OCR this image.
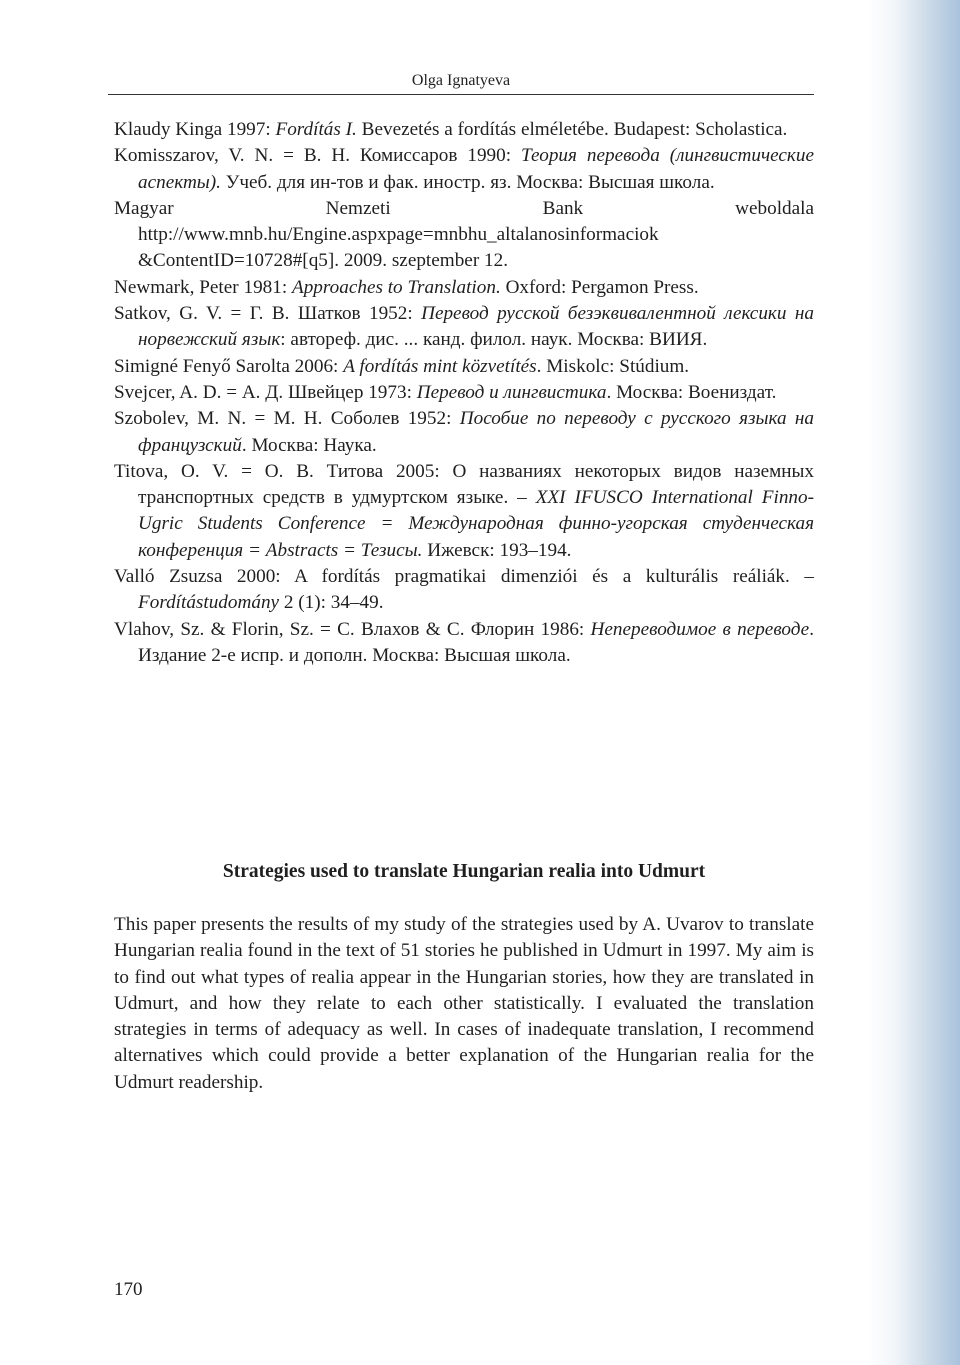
Olga Ignatyeva

Klaudy Kinga 1997: Fordítás I. Bevezetés a fordítás elméletébe. Budapest: Scholastica.

Komisszarov, V. N. = В. Н. Комиссаров 1990: Теория перевода (лингвистические аспекты). Учеб. для ин-тов и фак. иностр. яз. Москва: Высшая школа.

Magyar Nemzeti Bank weboldala http://www.mnb.hu/Engine.aspxpage=mnbhu_altalanosinformaciok &ContentID=10728#[q5]. 2009. szeptember 12.

Newmark, Peter 1981: Approaches to Translation. Oxford: Pergamon Press.

Satkov, G. V. = Г. В. Шатков 1952: Перевод русской безэквивалентной лексики на норвежский язык: автореф. дис. ... канд. филол. наук. Москва: ВИИЯ.

Simigné Fenyő Sarolta 2006: A fordítás mint közvetítés. Miskolc: Stúdium.

Svejcer, A. D. = А. Д. Швейцер 1973: Перевод и лингвистика. Москва: Воениздат.

Szobolev, M. N. = М. Н. Соболев 1952: Пособие по переводу с русского языка на французский. Москва: Наука.

Titova, O. V. = О. В. Титова 2005: О названиях некоторых видов наземных транспортных средств в удмуртском языке. – XXI IFUSCO International Finno-Ugric Students Conference = Международная финно-угорская студенческая конференция = Abstracts = Тезисы. Ижевск: 193–194.

Valló Zsuzsa 2000: A fordítás pragmatikai dimenziói és a kulturális reáliák. – Fordítástudomány 2 (1): 34–49.

Vlahov, Sz. & Florin, Sz. = С. Влахов & С. Флорин 1986: Непереводимое в переводе. Издание 2-е испр. и дополн. Москва: Высшая школа.

Strategies used to translate Hungarian realia into Udmurt

This paper presents the results of my study of the strategies used by A. Uvarov to translate Hungarian realia found in the text of 51 stories he published in Udmurt in 1997. My aim is to find out what types of realia appear in the Hungarian stories, how they are translated in Udmurt, and how they relate to each other statistically. I evaluated the translation strategies in terms of adequacy as well. In cases of inadequate translation, I recommend alternatives which could provide a better explanation of the Hungarian realia for the Udmurt readership.

170
